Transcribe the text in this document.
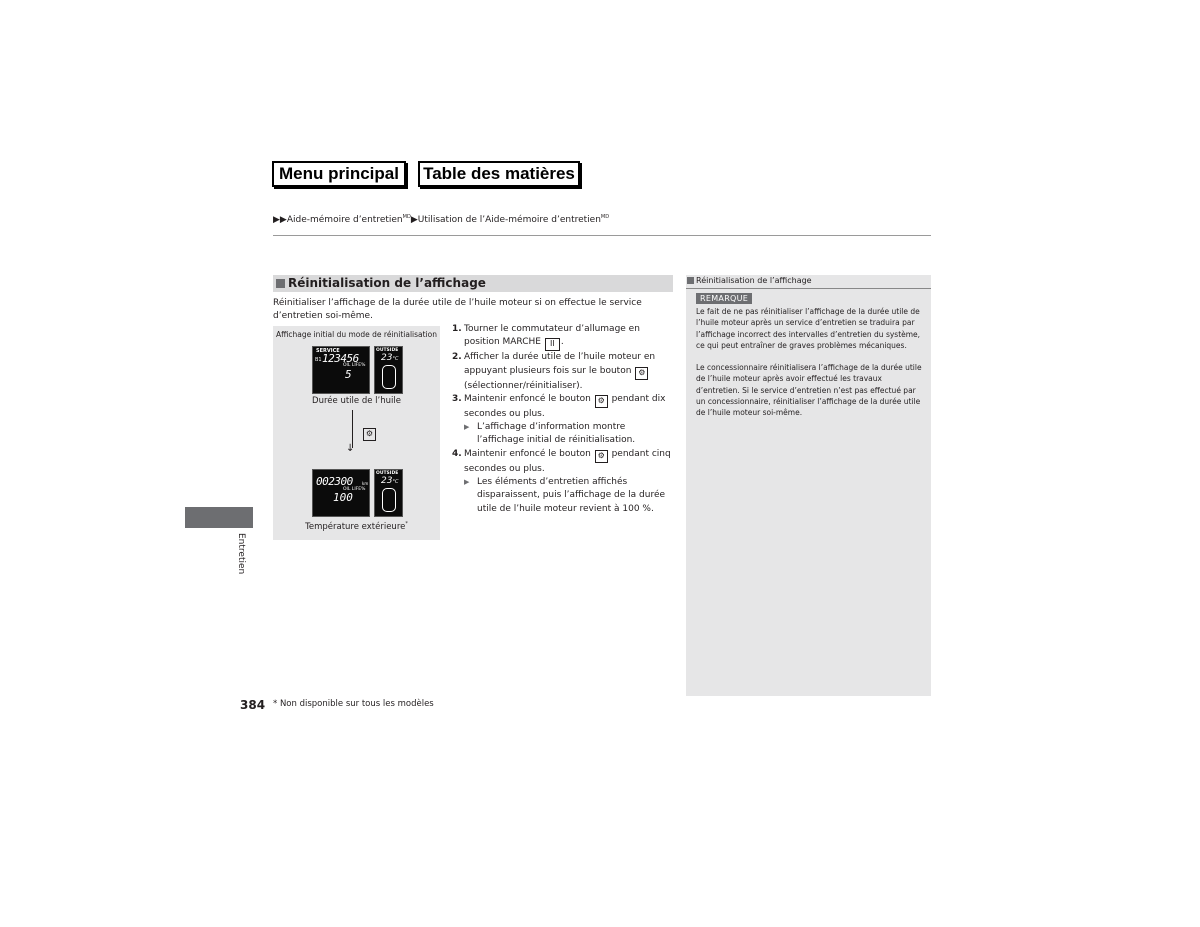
Menu principal	Table des matières
▶▶Aide-mémoire d’entretien$^{MD}$▶Utilisation de l’Aide-mémoire d’entretien$^{MD}$
Réinitialisation de l’affichage
Réinitialiser l’affichage de la durée utile de l’huile moteur si on effectue le service d’entretien soi-même.
Affichage initial du mode de réinitialisation
SERVICE
B1 123456
OIL LIFE%
5
OUTSIDE
23°C
Durée utile de l’huile
↓
⚙
002300 km
OIL LIFE%
100
OUTSIDE
23°C
Température extérieure*
1. Tourner le commutateur d’allumage en position MARCHE II .
2. Afficher la durée utile de l’huile moteur en appuyant plusieurs fois sur le bouton ⚙ (sélectionner/réinitialiser).
3. Maintenir enfoncé le bouton ⚙ pendant dix secondes ou plus.
▶ L’affichage d’information montre l’affichage initial de réinitialisation.
4. Maintenir enfoncé le bouton ⚙ pendant cinq secondes ou plus.
▶ Les éléments d’entretien affichés disparaissent, puis l’affichage de la durée utile de l’huile moteur revient à 100 %.
Réinitialisation de l’affichage
REMARQUE
Le fait de ne pas réinitialiser l’affichage de la durée utile de l’huile moteur après un service d’entretien se traduira par l’affichage incorrect des intervalles d’entretien du système, ce qui peut entraîner de graves problèmes mécaniques.
Le concessionnaire réinitialisera l’affichage de la durée utile de l’huile moteur après avoir effectué les travaux d’entretien. Si le service d’entretien n’est pas effectué par un concessionnaire, réinitialiser l’affichage de la durée utile de l’huile moteur soi-même.
Entretien
384 * Non disponible sur tous les modèles
